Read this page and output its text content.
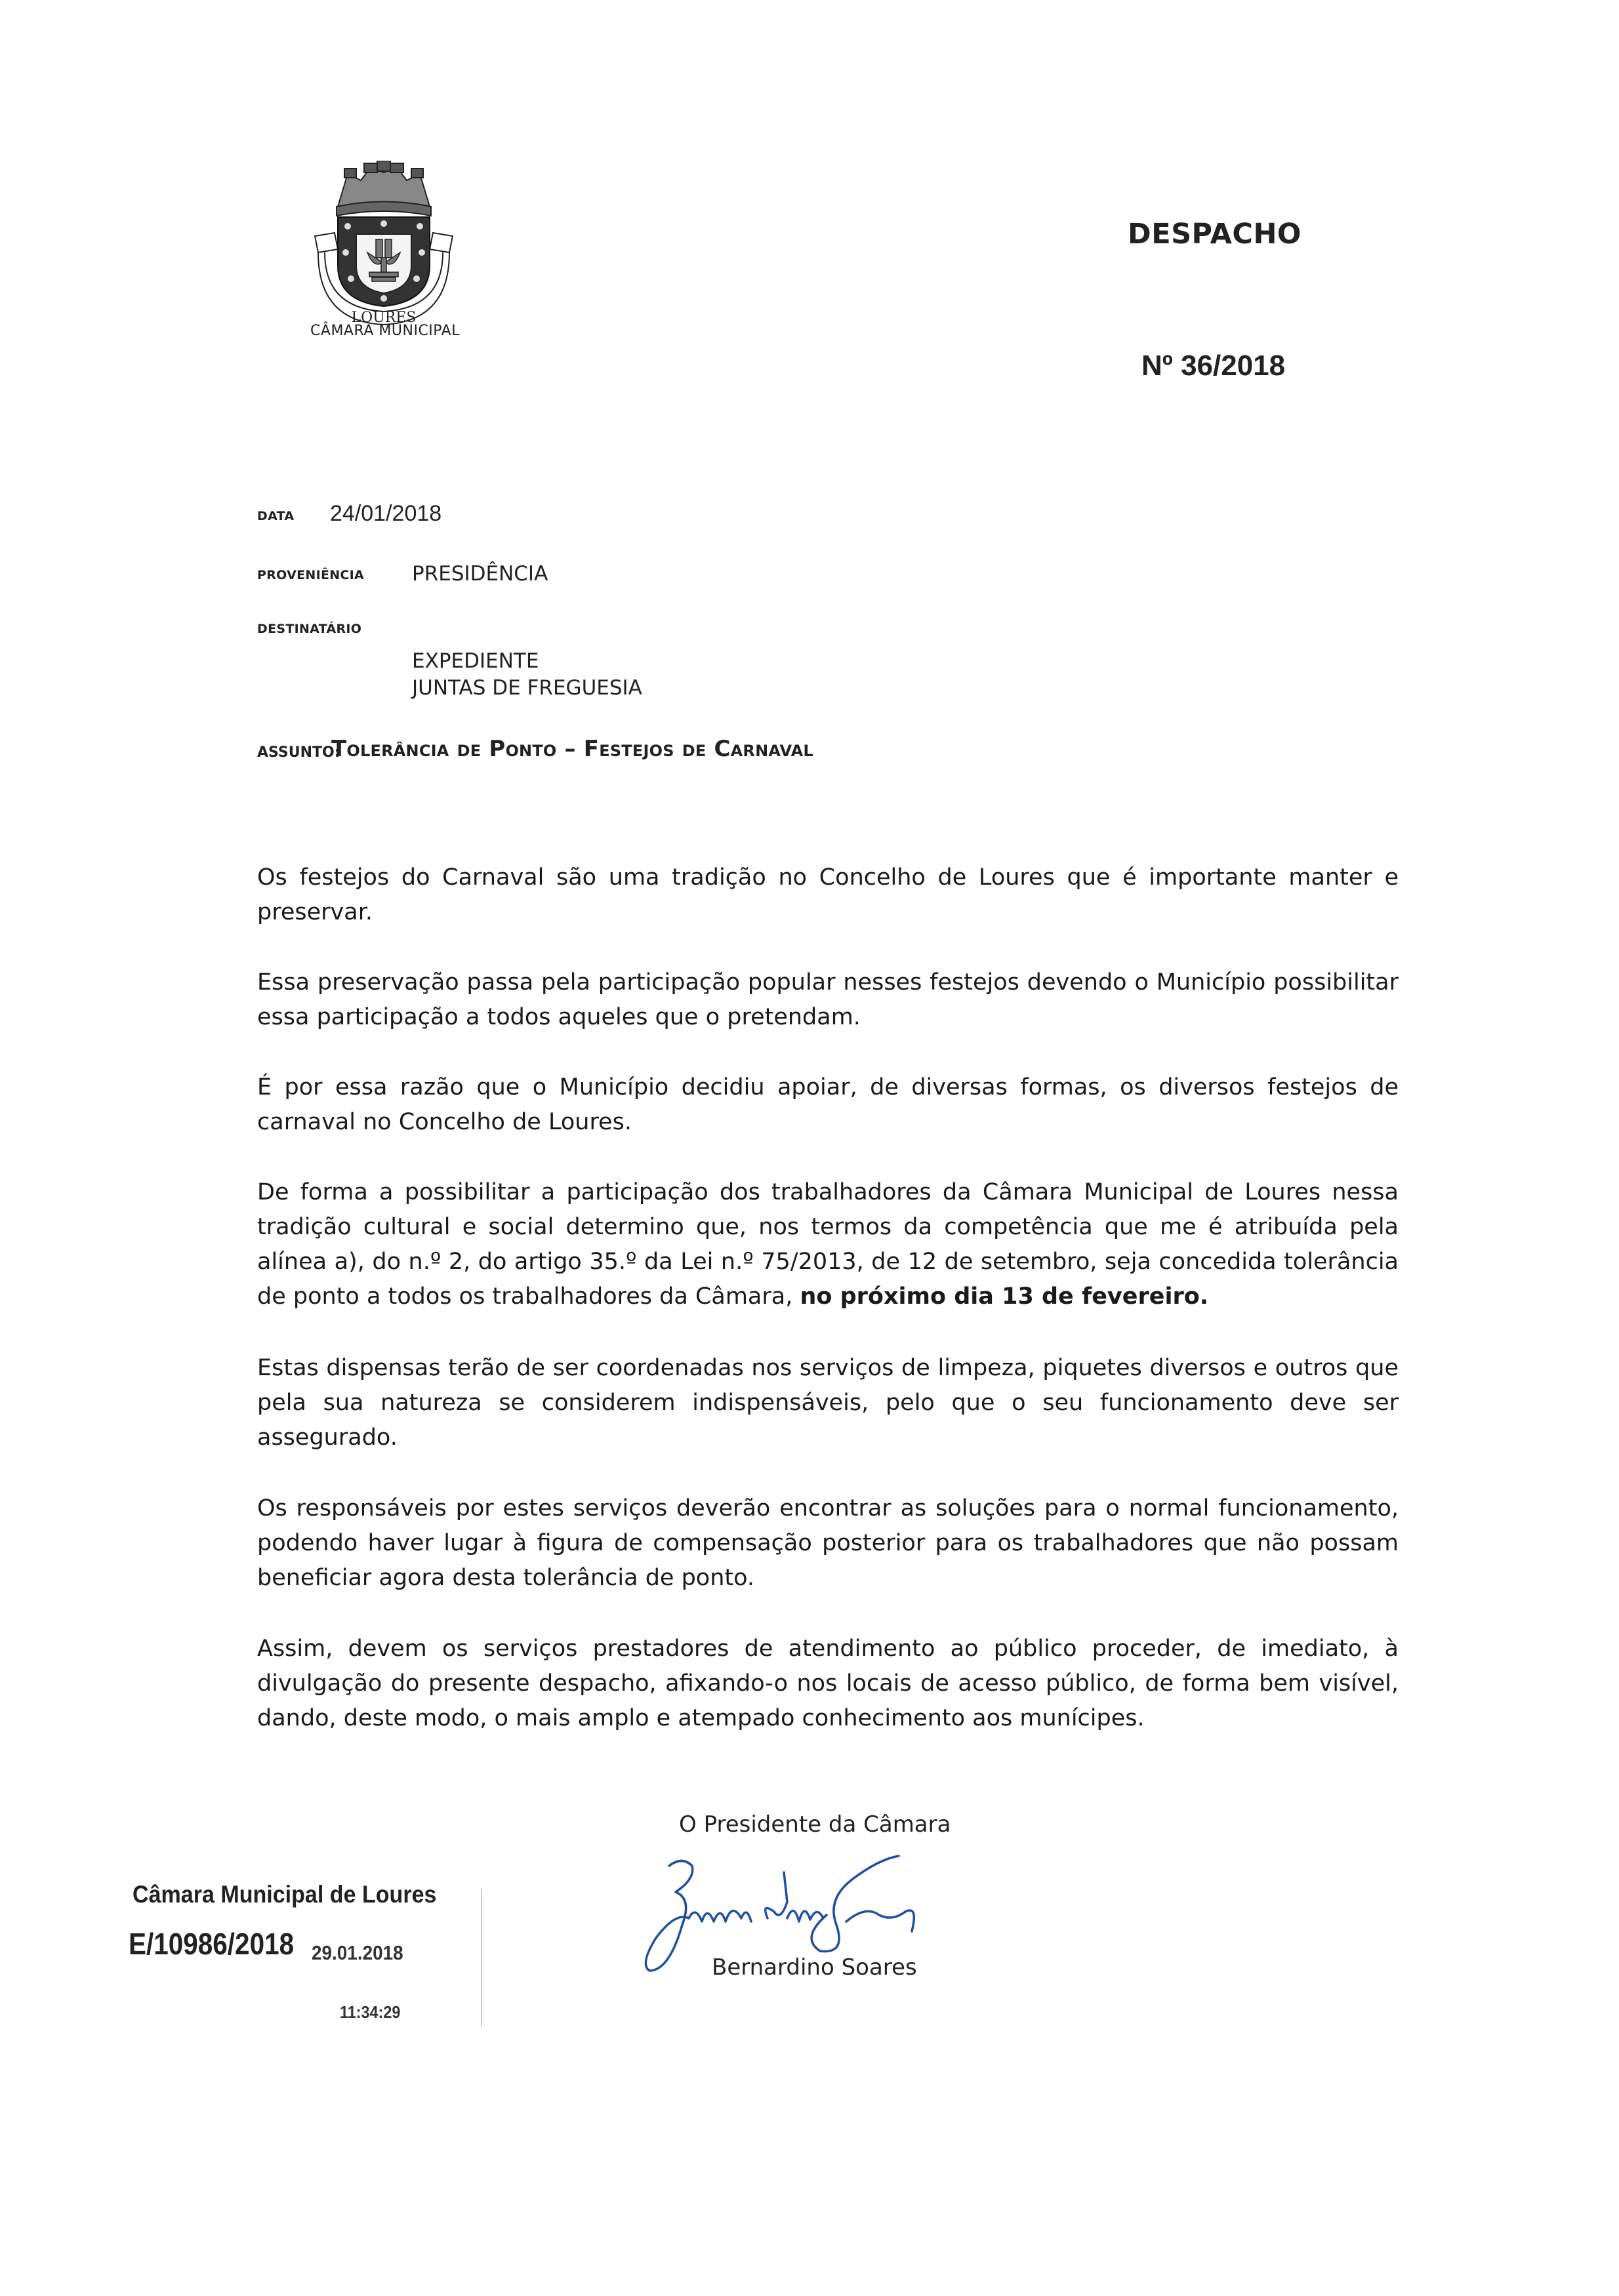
LOURES
CÂMARA MUNICIPAL
DESPACHO
Nº 36/2018
DATA 24/01/2018
PROVENIÊNCIA PRESIDÊNCIA
DESTINATÁRIO
EXPEDIENTE
JUNTAS DE FREGUESIA
ASSUNTO:
Tolerância de Ponto – Festejos de Carnaval

Os festejos do Carnaval são uma tradição no Concelho de Loures que é importante manter e preservar.

Essa preservação passa pela participação popular nesses festejos devendo o Município possibilitar essa participação a todos aqueles que o pretendam.

É por essa razão que o Município decidiu apoiar, de diversas formas, os diversos festejos de carnaval no Concelho de Loures.

De forma a possibilitar a participação dos trabalhadores da Câmara Municipal de Loures nessa tradição cultural e social determino que, nos termos da competência que me é atribuída pela alínea a), do n.º 2, do artigo 35.º da Lei n.º 75/2013, de 12 de setembro, seja concedida tolerância de ponto a todos os trabalhadores da Câmara, no próximo dia 13 de fevereiro.

Estas dispensas terão de ser coordenadas nos serviços de limpeza, piquetes diversos e outros que pela sua natureza se considerem indispensáveis, pelo que o seu funcionamento deve ser assegurado.

Os responsáveis por estes serviços deverão encontrar as soluções para o normal funcionamento, podendo haver lugar à figura de compensação posterior para os trabalhadores que não possam beneficiar agora desta tolerância de ponto.

Assim, devem os serviços prestadores de atendimento ao público proceder, de imediato, à divulgação do presente despacho, afixando-o nos locais de acesso público, de forma bem visível, dando, deste modo, o mais amplo e atempado conhecimento aos munícipes.

O Presidente da Câmara
Bernardino Soares
Câmara Municipal de Loures
E/10986/2018 29.01.2018
11:34:29
